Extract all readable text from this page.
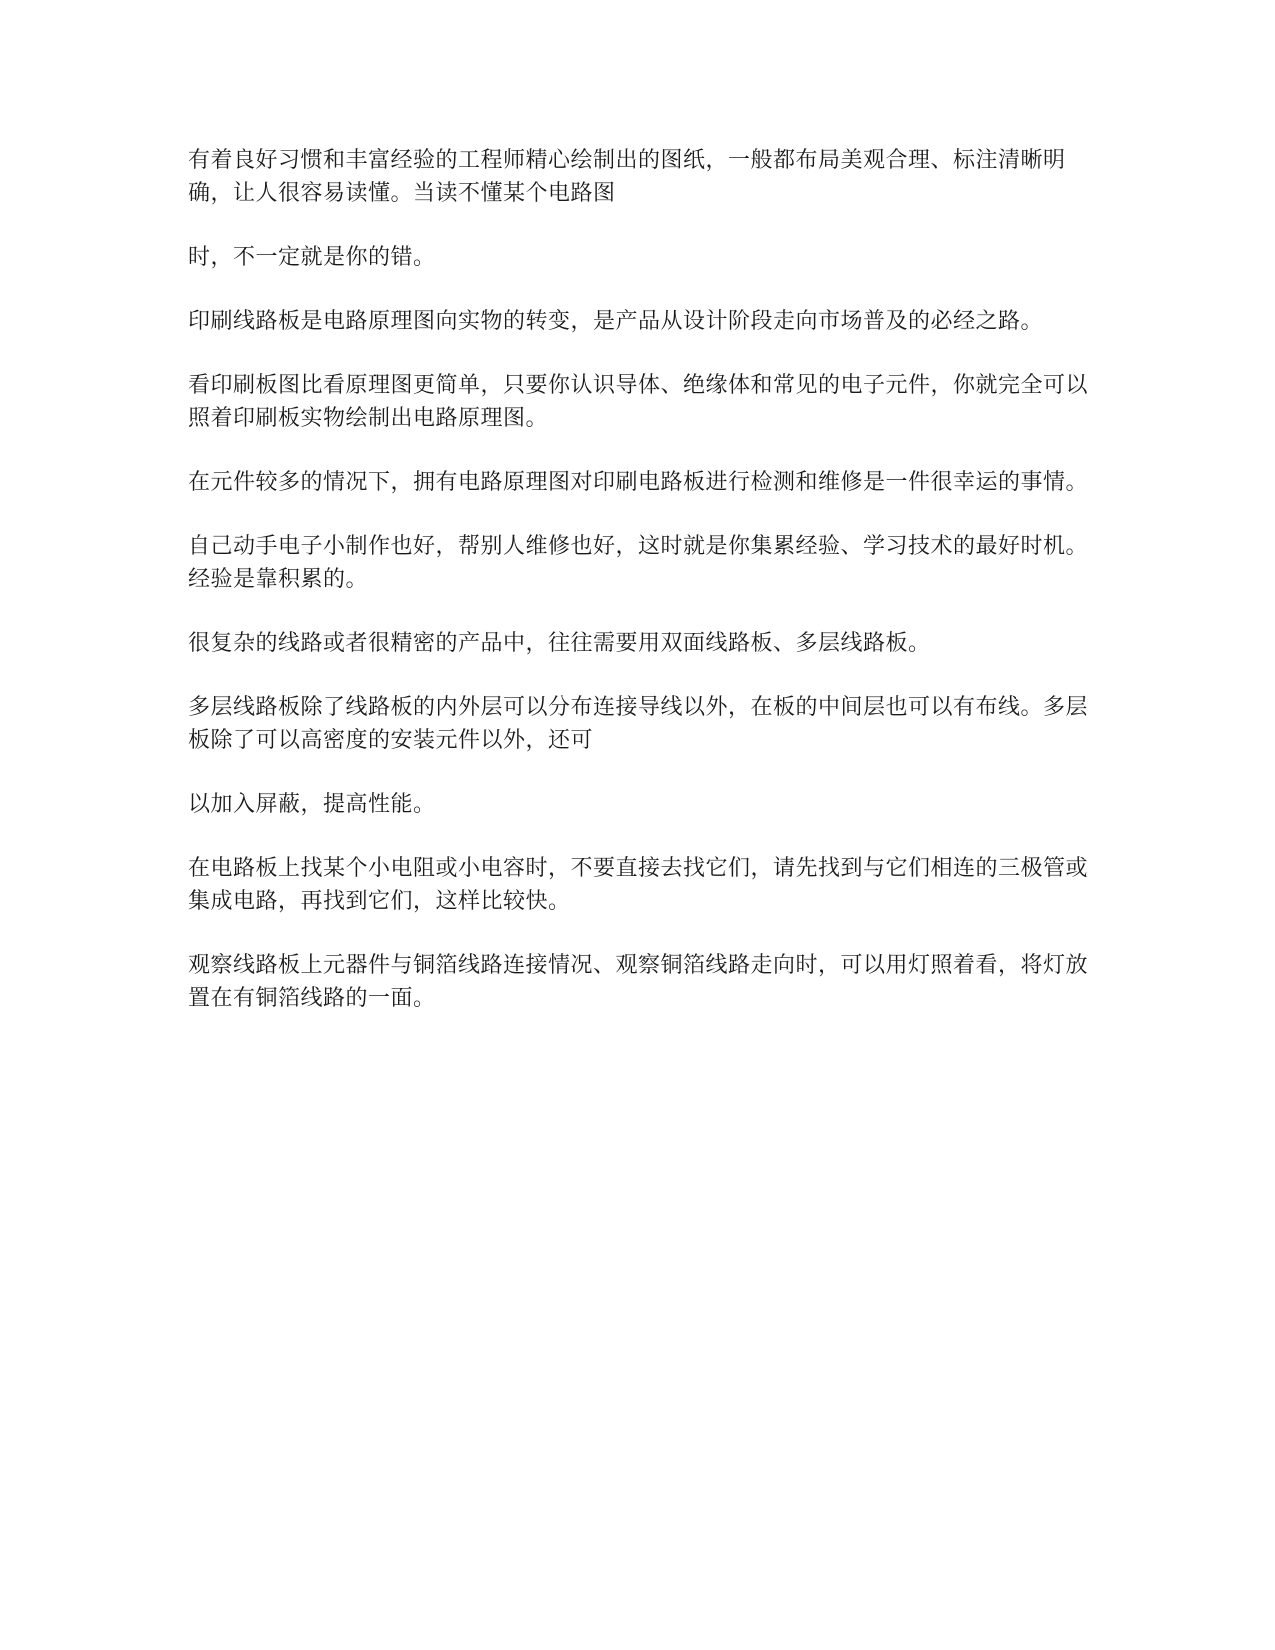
有着良好习惯和丰富经验的工程师精心绘制出的图纸，一般都布局美观合理、标注清晰明确，让人很容易读懂。当读不懂某个电路图

时，不一定就是你的错。

印刷线路板是电路原理图向实物的转变，是产品从设计阶段走向市场普及的必经之路。

看印刷板图比看原理图更简单，只要你认识导体、绝缘体和常见的电子元件，你就完全可以照着印刷板实物绘制出电路原理图。

在元件较多的情况下，拥有电路原理图对印刷电路板进行检测和维修是一件很幸运的事情。

自己动手电子小制作也好，帮别人维修也好，这时就是你集累经验、学习技术的最好时机。经验是靠积累的。

很复杂的线路或者很精密的产品中，往往需要用双面线路板、多层线路板。

多层线路板除了线路板的内外层可以分布连接导线以外，在板的中间层也可以有布线。多层板除了可以高密度的安装元件以外，还可

以加入屏蔽，提高性能。

在电路板上找某个小电阻或小电容时，不要直接去找它们，请先找到与它们相连的三极管或集成电路，再找到它们，这样比较快。

观察线路板上元器件与铜箔线路连接情况、观察铜箔线路走向时，可以用灯照着看，将灯放置在有铜箔线路的一面。
